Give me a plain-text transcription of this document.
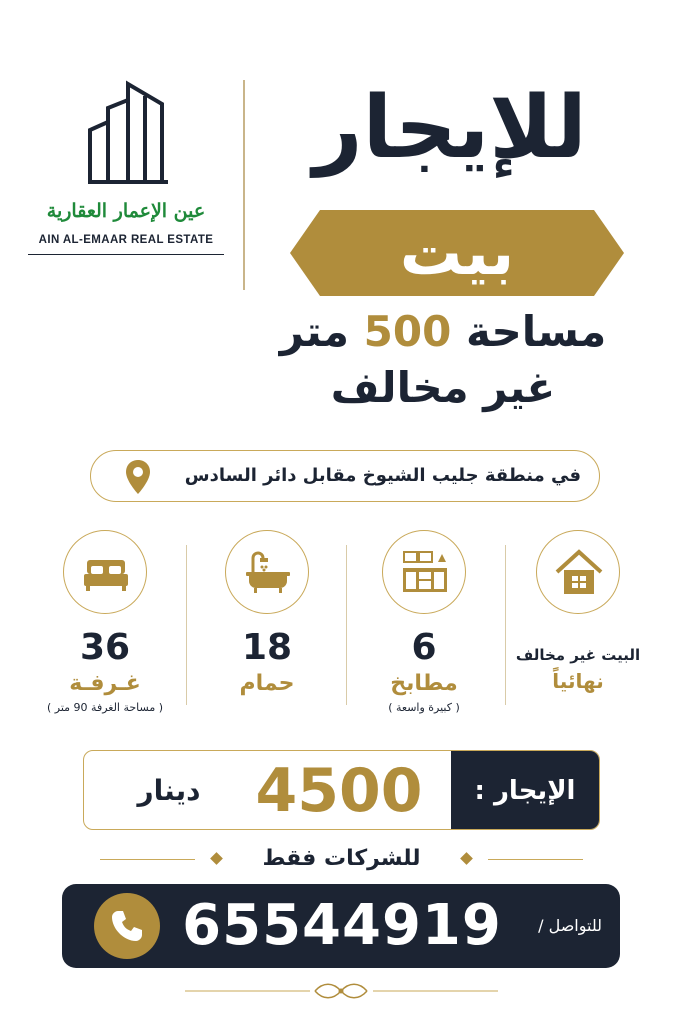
عين الإعمار العقارية
AIN AL-EMAAR REAL ESTATE
للإيجار
بيت
مساحة 500 متر
غير مخالف
في منطقة جليب الشيوخ مقابل دائر السادس
36
غـرفـة
( مساحة الغرفة 90 متر )
18
حمام
6
مطابخ
( كبيرة واسعة )
البيت غير مخالف
نهائياً
الإيجار :
4500
دينار
للشركات فقط
65544919	للتواصل /
